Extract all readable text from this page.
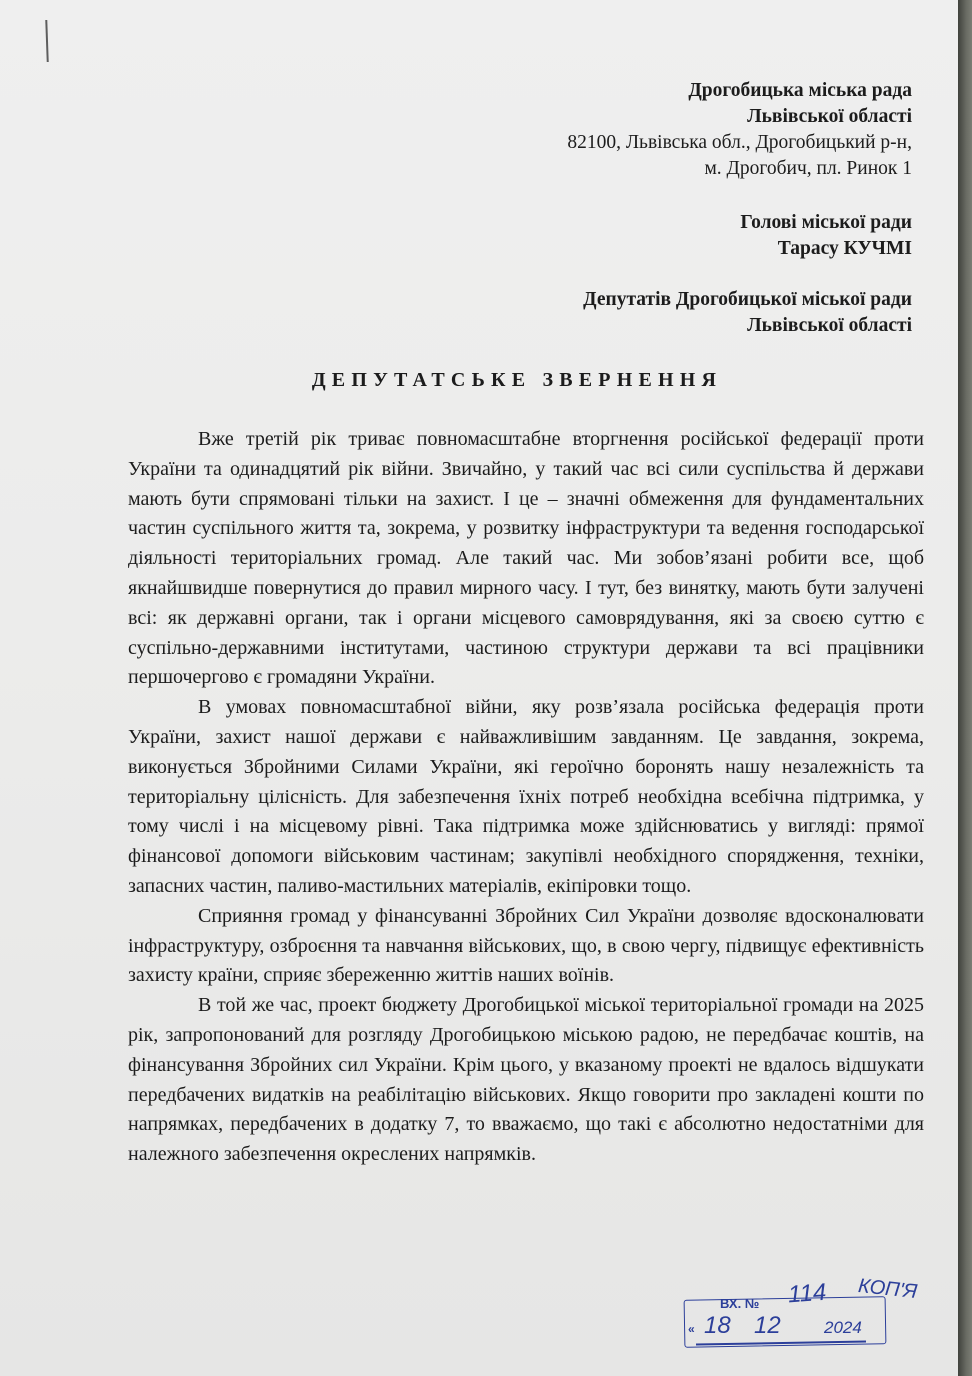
Дрогобицька міська рада
Львівської області
82100, Львівська обл., Дрогобицький р-н,
м. Дрогобич, пл. Ринок 1
Голові міської ради
Тарасу КУЧМІ
Депутатів Дрогобицької міської ради
Львівської області
ДЕПУТАТСЬКЕ ЗВЕРНЕННЯ

Вже третій рік триває повномасштабне вторгнення російської федерації проти України та одинадцятий рік війни. Звичайно, у такий час всі сили суспільства й держави мають бути спрямовані тільки на захист. І це – значні обмеження для фундаментальних частин суспільного життя та, зокрема, у розвитку інфраструктури та ведення господарської діяльності територіальних громад. Але такий час. Ми зобов’язані робити все, щоб якнайшвидше повернутися до правил мирного часу. І тут, без винятку, мають бути залучені всі: як державні органи, так і органи місцевого самоврядування, які за своєю суттю є суспільно-державними інститутами, частиною структури держави та всі працівники першочергово є громадяни України.

В умовах повномасштабної війни, яку розв’язала російська федерація проти України, захист нашої держави є найважливішим завданням. Це завдання, зокрема, виконується Збройними Силами України, які героїчно боронять нашу незалежність та територіальну цілісність. Для забезпечення їхніх потреб необхідна всебічна підтримка, у тому числі і на місцевому рівні. Така підтримка може здійснюватись у вигляді: прямої фінансової допомоги військовим частинам; закупівлі необхідного спорядження, техніки, запасних частин, паливо-мастильних матеріалів, екіпіровки тощо.

Сприяння громад у фінансуванні Збройних Сил України дозволяє вдосконалювати інфраструктуру, озброєння та навчання військових, що, в свою чергу, підвищує ефективність захисту країни, сприяє збереженню життів наших воїнів.

В той же час, проект бюджету Дрогобицької міської територіальної громади на 2025 рік, запропонований для розгляду Дрогобицькою міською радою, не передбачає коштів, на фінансування Збройних сил України. Крім цього, у вказаному проекті не вдалось відшукати передбачених видатків на реабілітацію військових. Якщо говорити про закладені кошти по напрямках, передбачених в додатку 7, то вважаємо, що такі є абсолютно недостатніми для належного забезпечення окреслених напрямків.

ВХ. № 114 КОП'Я
« 18 12	2024
